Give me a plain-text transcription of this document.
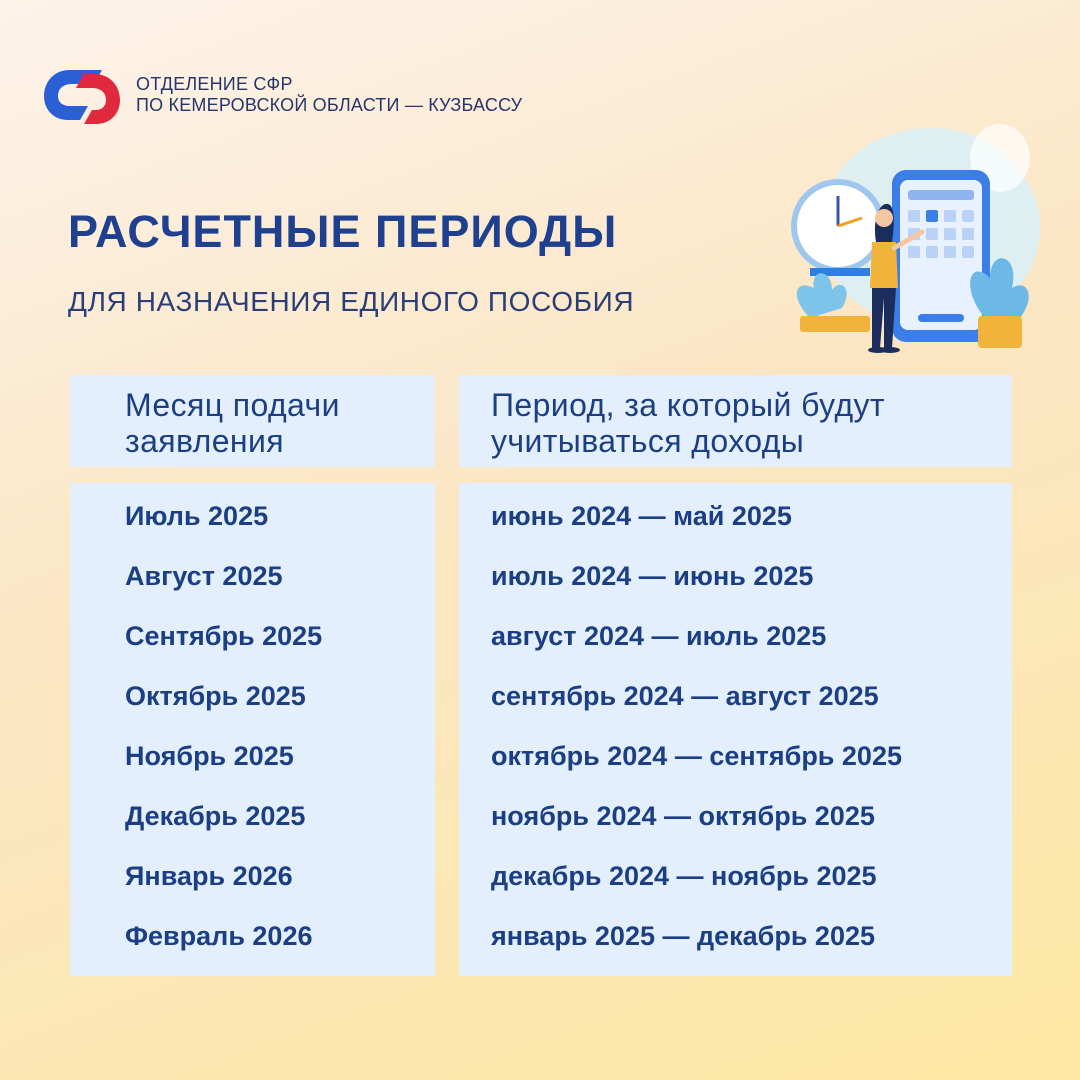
ОТДЕЛЕНИЕ СФР
ПО КЕМЕРОВСКОЙ ОБЛАСТИ — КУЗБАССУ
РАСЧЕТНЫЕ ПЕРИОДЫ
ДЛЯ НАЗНАЧЕНИЯ ЕДИНОГО ПОСОБИЯ
Месяц подачи
заявления
Период, за который будут
учитываться доходы
Июль 2025
Август 2025
Сентябрь 2025
Октябрь 2025
Ноябрь 2025
Декабрь 2025
Январь 2026
Февраль 2026
июнь 2024 — май 2025
июль 2024 — июнь 2025
август 2024 — июль 2025
сентябрь 2024 — август 2025
октябрь 2024 — сентябрь 2025
ноябрь 2024 — октябрь 2025
декабрь 2024 — ноябрь 2025
январь 2025 — декабрь 2025
